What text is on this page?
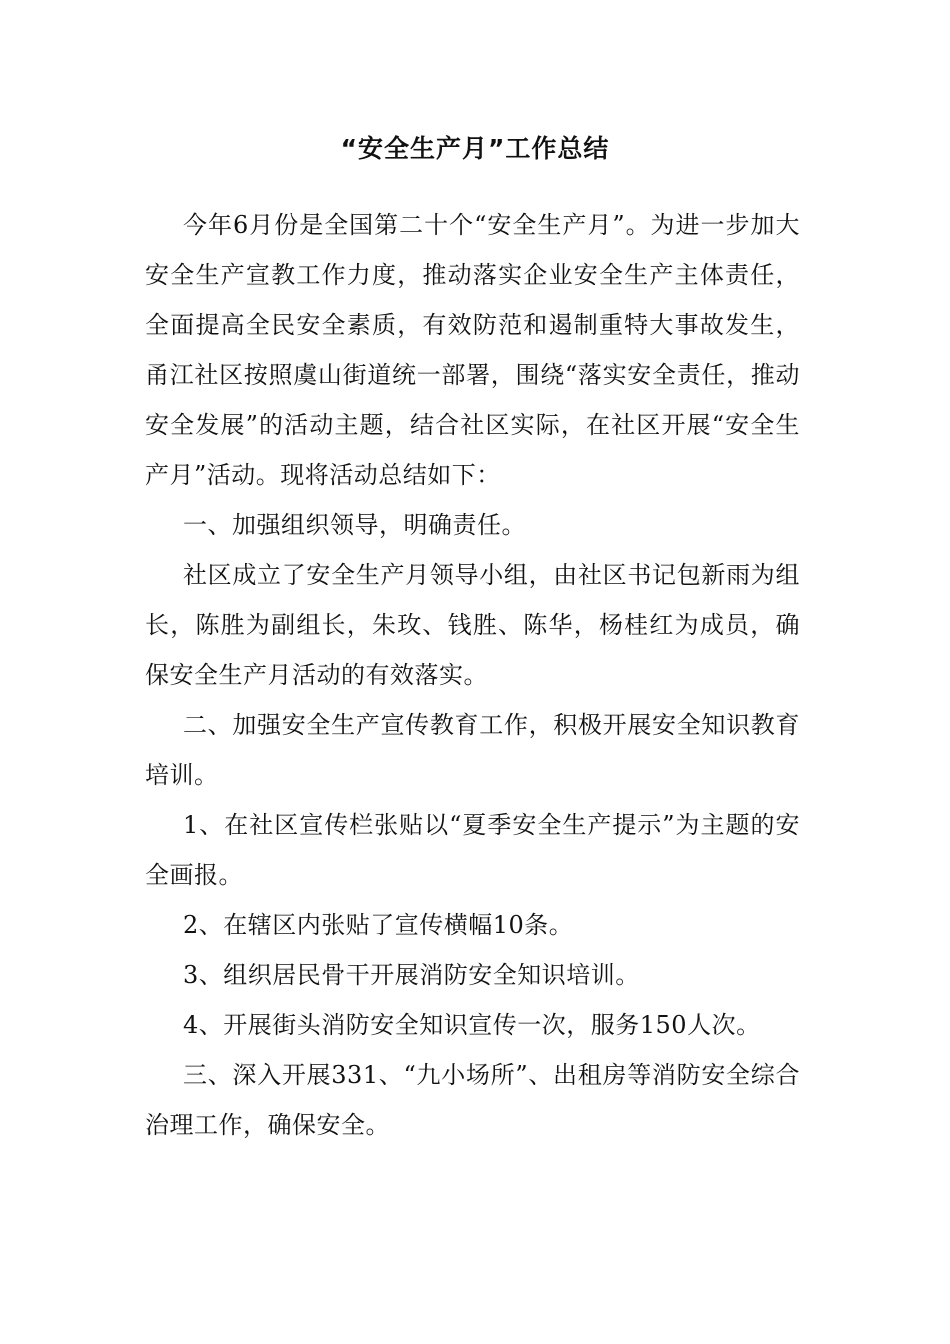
“安全生产月”工作总结

今年6月份是全国第二十个“安全生产月”。为进一步加大安全生产宣教工作力度，推动落实企业安全生产主体责任，全面提高全民安全素质，有效防范和遏制重特大事故发生，甬江社区按照虞山街道统一部署，围绕“落实安全责任，推动安全发展”的活动主题，结合社区实际，在社区开展“安全生产月”活动。现将活动总结如下：

一、加强组织领导，明确责任。

社区成立了安全生产月领导小组，由社区书记包新雨为组长，陈胜为副组长，朱玫、钱胜、陈华，杨桂红为成员，确保安全生产月活动的有效落实。

二、加强安全生产宣传教育工作，积极开展安全知识教育培训。

1、在社区宣传栏张贴以“夏季安全生产提示”为主题的安全画报。

2、在辖区内张贴了宣传横幅10条。

3、组织居民骨干开展消防安全知识培训。

4、开展街头消防安全知识宣传一次，服务150人次。

三、深入开展331、“九小场所”、出租房等消防安全综合治理工作，确保安全。
